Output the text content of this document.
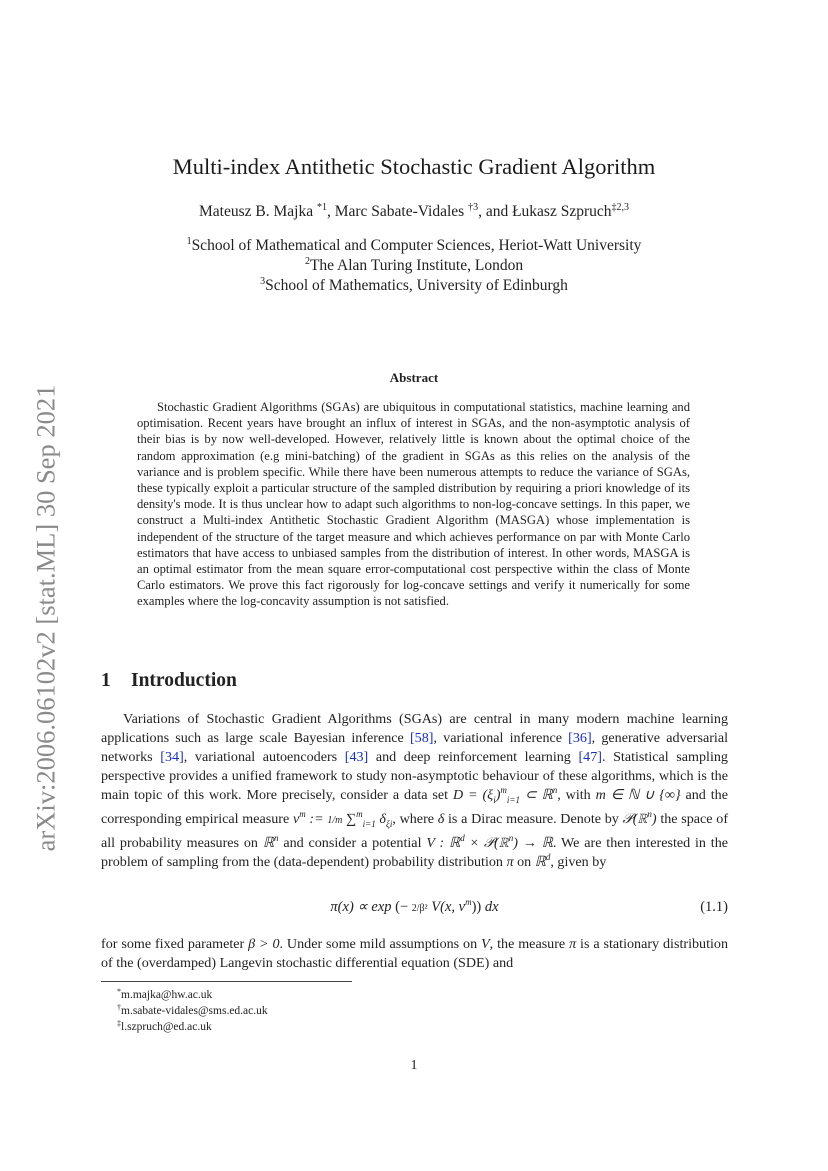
arXiv:2006.06102v2 [stat.ML] 30 Sep 2021
Multi-index Antithetic Stochastic Gradient Algorithm
Mateusz B. Majka $^{*1}$, Marc Sabate-Vidales $^{\dagger 3}$, and Łukasz Szpruch$^{\ddagger 2,3}$
$^1$School of Mathematical and Computer Sciences, Heriot-Watt University
$^2$The Alan Turing Institute, London
$^3$School of Mathematics, University of Edinburgh
Abstract
Stochastic Gradient Algorithms (SGAs) are ubiquitous in computational statistics, machine learning and optimisation. Recent years have brought an influx of interest in SGAs, and the non-asymptotic analysis of their bias is by now well-developed. However, relatively little is known about the optimal choice of the random approximation (e.g mini-batching) of the gradient in SGAs as this relies on the analysis of the variance and is problem specific. While there have been numerous attempts to reduce the variance of SGAs, these typically exploit a particular structure of the sampled distribution by requiring a priori knowledge of its density's mode. It is thus unclear how to adapt such algorithms to non-log-concave settings. In this paper, we construct a Multi-index Antithetic Stochastic Gradient Algorithm (MASGA) whose implementation is independent of the structure of the target measure and which achieves performance on par with Monte Carlo estimators that have access to unbiased samples from the distribution of interest. In other words, MASGA is an optimal estimator from the mean square error-computational cost perspective within the class of Monte Carlo estimators. We prove this fact rigorously for log-concave settings and verify it numerically for some examples where the log-concavity assumption is not satisfied.
1 Introduction
Variations of Stochastic Gradient Algorithms (SGAs) are central in many modern machine learning applications such as large scale Bayesian inference [58], variational inference [36], generative adversarial networks [34], variational autoencoders [43] and deep reinforcement learning [47]. Statistical sampling perspective provides a unified framework to study non-asymptotic behaviour of these algorithms, which is the main topic of this work. More precisely, consider a data set $D = (\xi_i)^m_{i=1}$ ⊂ ℝ$^n$, with m ∈ ℕ ∪ {∞} and the corresponding empirical measure $\nu^m$ := 1/m ∑$^m_{i=1}$ $\delta_{\xi i}$, where δ is a Dirac measure. Denote by 𝒫(ℝ$^n$) the space of all probability measures on ℝ$^n$ and consider a potential V : ℝ$^d$ × 𝒫(ℝ$^n$) → ℝ. We are then interested in the problem of sampling from the (data-dependent) probability distribution π on ℝ$^d$, given by
π(x) ∝ exp (− 2/β² V(x, $\nu^m$)) dx	(1.1)
for some fixed parameter β > 0. Under some mild assumptions on V, the measure π is a stationary distribution of the (overdamped) Langevin stochastic differential equation (SDE) and
*m.majka@hw.ac.uk
†m.sabate-vidales@sms.ed.ac.uk
‡l.szpruch@ed.ac.uk
1
